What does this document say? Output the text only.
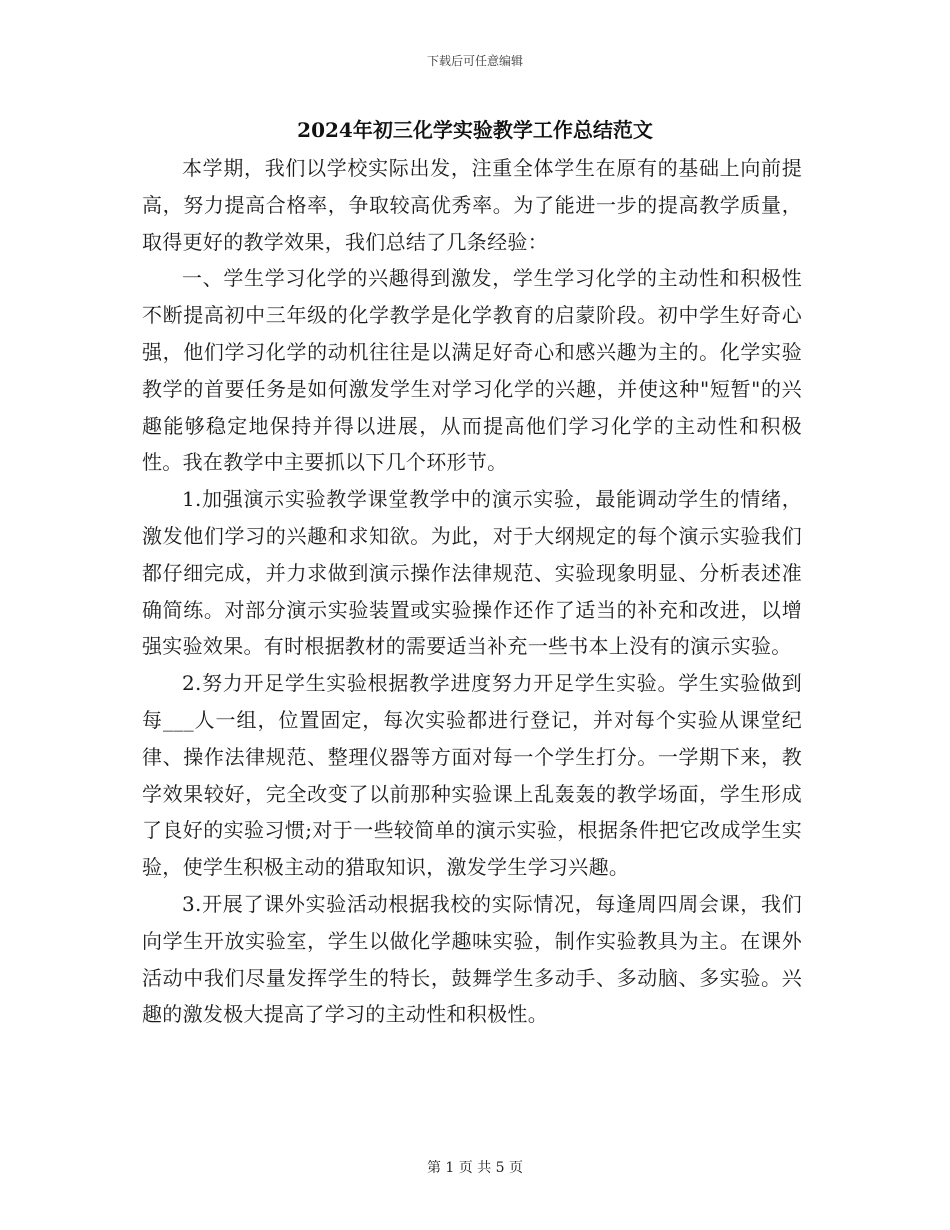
下载后可任意编辑
2024年初三化学实验教学工作总结范文

本学期，我们以学校实际出发，注重全体学生在原有的基础上向前提高，努力提高合格率，争取较高优秀率。为了能进一步的提高教学质量，取得更好的教学效果，我们总结了几条经验：

一、学生学习化学的兴趣得到激发，学生学习化学的主动性和积极性不断提高初中三年级的化学教学是化学教育的启蒙阶段。初中学生好奇心强，他们学习化学的动机往往是以满足好奇心和感兴趣为主的。化学实验教学的首要任务是如何激发学生对学习化学的兴趣，并使这种"短暂"的兴趣能够稳定地保持并得以进展，从而提高他们学习化学的主动性和积极性。我在教学中主要抓以下几个环形节。

1.加强演示实验教学课堂教学中的演示实验，最能调动学生的情绪，激发他们学习的兴趣和求知欲。为此，对于大纲规定的每个演示实验我们都仔细完成，并力求做到演示操作法律规范、实验现象明显、分析表述准确简练。对部分演示实验装置或实验操作还作了适当的补充和改进，以增强实验效果。有时根据教材的需要适当补充一些书本上没有的演示实验。

2.努力开足学生实验根据教学进度努力开足学生实验。学生实验做到每___人一组，位置固定，每次实验都进行登记，并对每个实验从课堂纪律、操作法律规范、整理仪器等方面对每一个学生打分。一学期下来，教学效果较好，完全改变了以前那种实验课上乱轰轰的教学场面，学生形成了良好的实验习惯;对于一些较简单的演示实验，根据条件把它改成学生实验，使学生积极主动的猎取知识，激发学生学习兴趣。

3.开展了课外实验活动根据我校的实际情况，每逢周四周会课，我们向学生开放实验室，学生以做化学趣味实验，制作实验教具为主。在课外活动中我们尽量发挥学生的特长，鼓舞学生多动手、多动脑、多实验。兴趣的激发极大提高了学习的主动性和积极性。

第 1 页 共 5 页
